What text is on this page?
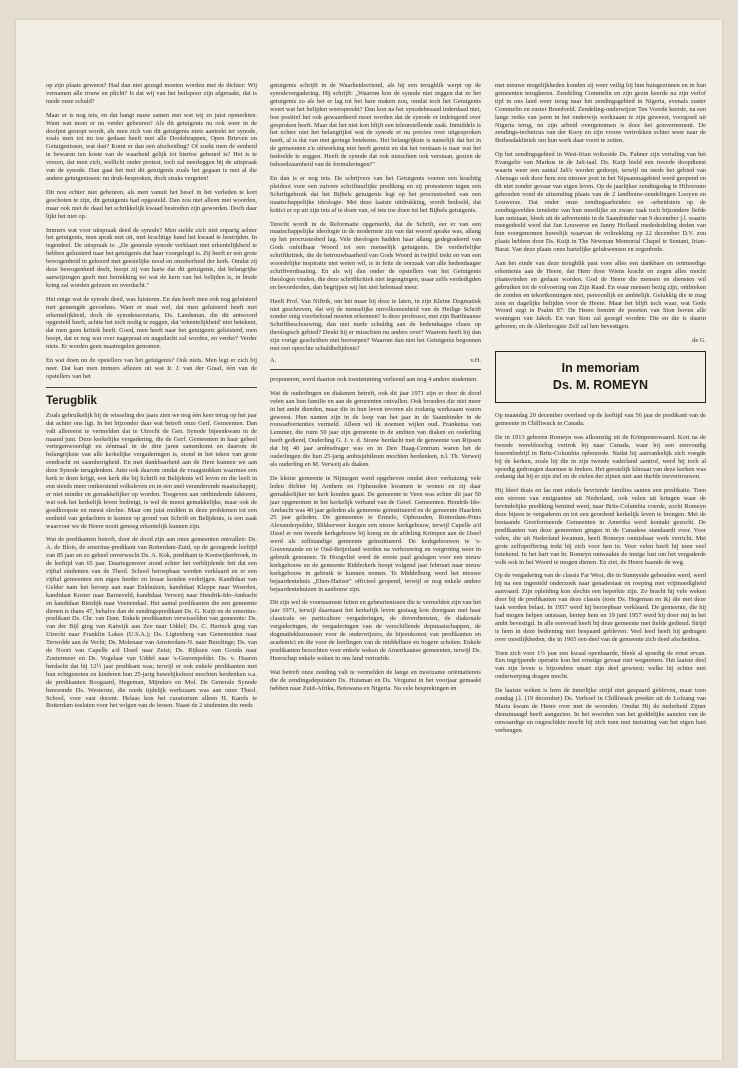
op zijn plaats geweest? Had dan niet gezegd moeten worden met de dichter: Wij vernamen alle trouw en plicht? Is dat wij van het heilspoor zijn afgeraakt, dat is mede onze schuld?

Maar er is nog iets, en dat hangt nauw samen met wat wij zo juist opmerkten. Want wat moet er nu verder gebeuren? Als dit getuigenis nu ook weer in de doofpot gestopt wordt, als men zich van dit getuigenis niets aantrekt ter synode, zoals men tot nu toe gedaan heeft met alle Doolsbrappen, Open Brieven en Getuigenissen, wat dan? Komt er dan een afscheiding? Of zoekt men de eenheid te bewaren ten koste van de waarheid gelijk tot hiertoe gebeurd is? Het is te vrezen, dat men zich, wellicht onder protest, toch zal neerleggen bij de uitspraak van de synode. Dan gaat het met dit getuigenis zoals het gegaan is met al die andere getuigenissen: nu druk-besproken, doch straks vergeten!

Dit nou echter niet gebeuren, als men vanuit het besef in het verleden te kort geschoten te zijn, dit getuigenis had opgesteld. Dan zou niet alleen met woorden, maar ook met de daad het schrikkelijk kwaad bestreden zijn geworden. Doch daar lijkt het niet op.

Immers wat voor uitspraak deed de synode? Men stelde zich niet enparig achter het getuigenis, men sprak niet uit, met krachtige hand het kwaad te bestrijden. In tegendeel. De uitspraak is: „De generale synode verklaart met erkentelijkheid te hebben geluisterd naar het getuigenis dat haar voorgelegd is. Zij heeft er een grote bewogenheid in gehoord met geestelijke nood en onzekerheid der kerk. Omdat zij deze bewogenheid deelt, hoopt zij van harte dat dit getuigenis, dat belangrijke aanwijzingen geeft met betrekking tot wat de kern van het belijden is, in brede kring zal worden gelezen en overdacht."

Het enige wat de synode deed, was luisteren. En dan heeft men ook nog geluisterd met gemengde gevoelens. Want er staat wel, dat men geluisterd heeft met erkentelijkheid, doch de synodesecretaris, Ds. Landsman, die dit antwoord opgesteld heeft, achtte het toch nodig te zeggen, dat 'erkentelijkheid' niet betekent, dat men geen kritiek heeft. Goed, men heeft naar het getuigenis geluisterd, men hoopt, dat er nog wat over nagepraat en nagedacht zal worden, en verder? Verder niets. Er worden geen maatregelen genomen.

En wat doen nu de opstellers van het getuigenis? Ook niets. Men legt er zich bij neer. Dat kan men immers aflezen uit wat Ir. J. van der Graaf, één van de opstellers van het

Terugblik

Zoals gebruikelijk bij de wisseling des jaars zien we nog één keer terug op het jaar dat achter ons ligt. In het bijzonder daar wat betreft onze Gerf. Gemeenten. Dan valt allereerst te vermelden dat te Utrecht de Gen. Synode bijeenkwam in de maand juni. Deze kerkelijke vergadering, die de Gerf. Gemeenten in haar geheel vertegenwoordigt en éénmaal in de drie jaren samenkomt en daarom de belangrijkste van alle kerkelijke vergaderingen is, stond in het teken van grote eendracht en saamhorigheid. En met dankbaarheid aan de Here kunnen we aan deze Synode terugdenken. Juist ook daarom omdat de vraagstukken waarmee een kerk te doen krijgt, een kerk die bij Schrift en Belijdenis wil leven en die leeft in een steeds meer ontkerstend volksleven en in een snel veranderende maatschappij, er niet minder en gemakkelijker op worden. Toegeven aan ontbindende faktoren, wat ook het kerkelijk leven bedreigt, is wel de meest gemakkelijke, maar ook de goedkoopste en meest slechte. Maar om juist midden in deze problemen tot een eenheid van gedachten te komen op grond van Schrift en Belijdenis, is een zaak waarvoor we de Heere nooit genoeg erkentelijk kunnen zijn.

Wat de predikanten betreft, door de dood zijn aan onze gemeenten ontvallen: Ds. A. de Blois, de emeritus-predikant van Rotterdam-Zuid, op de gezegende leeftijd van 85 jaar en zo geheel onverwacht Ds. A. Kok, predikant te Kootwijkerbroek, in de leeftijd van 65 jaar. Daartegenover stond echter het verblijdende feit dat een vijftal studenten van de Theol. School beroepbaar werden verklaard en er een vijftal gemeenten een eigen herder en leraar konden verkrijgen. Kandidaat van Gelder nam het beroep aan naar Enkhuizen, kandidaat Kleppe naar Woerden, kandidaat Koster naar Barneveld, kandidaat Verweij naar Hendrik-Ido-Ambacht en kandidaat Rietdijk naar Veenendaal. Het aantal predikanten die een gemeente dienen is thans 47, behalve dan de zendingspredikant Ds. G. Kuijt en de emeritus-predikant Ds. Chr. van Dam. Enkele predikanten verwisselden van gemeente: Ds. van der Bijl ging van Katwijk aan Zee naar Uddel; Ds. C. Harinck ging van Utrecht naar Franklin Lakes (U.S.A.); Ds. Ligtenberg van Genemuiden naar Terwolde aan de Vecht; Ds. Molenaar van Amsterdam-N. naar Bezelinge; Ds. van de Noort van Capelle a/d IJssel naar Zeist; Ds. Rijksen van Gouda naar Zoetermeer en Ds. Vogelaar van Uddel naar 's-Gravenpolder. Ds. v. Haaren herdacht dat hij 12½ jaar predikant was; terwijl er ook enkele predikanten met hun echtgenoten en kinderen hun 25-jarig huwelijksfeest mochten herdenken o.a. de predikanten Boogaard, Hegeman, Mijnders en Mol. De Generale Synode benoemde Ds. Westerste, die reeds tijdelijk werkzaam was aan onze Theol. School, voor vast docent. Helaas kon het curatorium alleen H. Karels te Rotterdam toelaten voor het volgen van de lessen. Naast de 2 studenten die reeds

getuigenis schrijft in de Waarheidsvriend, als hij een terugblik werpt op de synodevergadering. Hij schrijft: „Waarom kon de synode niet zeggen dat ze het getuigenis zo als het er lag tot het hare maken zou, omdat toch het Getuigenis weert wat het belijden weerspreekt? Dan kon na het synodebesaad inderdaad niet, hoe positief het ook gewaardeerd moet worden dat de synode er indringend over gesproken heeft. Maar dat het niet kon blijft een teleurstellende zaak. Inmiddels is het echter niet het belangrijkst wat de synode er nu precies over uitgesproken heeft, al is dat van niet geringe betekenis. Het belangrijkste is namelijk dat het in de gemeenten z'n uitwerking niet heeft gemist en dat het verstaan is naar wat het bedoelde te zeggen. Heeft de synode dat ook misschien ook verstaan, gezien de behoedzaamheid van de formuleringen?"

En dan is er nog iets. De schrijvers van het Getuigenis voeren een krachtig pleidooi voor een zuivere schriftuurlijke prediking en zij protesteren tegen een Schriftgebruik dat het Bijbels getuigenis legt op het procrustesbed van een maatschappelijke ideologie. Met deze laatste uitdrukking, wordt bedoeld, dat kritici er op uit zijn iets af te doen van, of iets toe doen tot het Bijbels getuigenis.

Terecht wordt in de Reformatie opgemerkt, dat de Schrift, eer er van een maatschappelijke ideologie in de modernste zin van dat woord sprake was, allang op het procrustesbed lag. Vele theologen hadden haar allang gedegradeerd van Gods onfeilbaar Woord tot een menselijk getuigenis. De verderfelijke schriftkritiek, die de betrouwbaarheid van Gods Woord in twijfel trekt en van een woordelijke inspiratie niet weten wil, is in feite de oorzaak van alle hedendaagse schriftverdraaiing. En als wij dan onder de opstellers van het Getuigenis theologen vinden, die deze schriftkritiek niet tegengingen, maar zelfs verdedigden en bevorderden, dan begrijpen wij het niet helemaal meer.

Heeft Prof. Van Niftrik, om het maar bij deze te laten, in zijn Kleine Dogmatiek niet geschreven, dat wij de menselijke onvolkomenheid van de Heilige Schrift zonder enig voorbehoud moeten erkennen? Is deze professor, met zijn Barthiaanse Schriftbeschouwing, dan niet mede schuldig aan de hedendaagse chaos op theologisch gebied? Denkt hij er misschien nu anders over? Waarom heeft hij dan zijn vorige geschriften niet herroepen? Waarom dan niet het Getuigenis begonnen met een oprechte schuldbelijdenis?

A.	v.H.

proponeren, werd daartoe ook toestemming verleend aan nog 4 andere studenten.

Wat de ouderlingen en diakenen betreft, ook dit jaar 1971 zijn er door de dood velen aan hun familie en aan de gemeenten ontvallen. Ook broeders die niet meer in het ambt dienden, maar die in hun leven tevoren als zodanig werkzaam waren geweest. Hun namen zijn in de loop van het jaar in de Saambinder in de rouwadvertenties vermeld. Alleen wil ik noemen wijlen oud. Frankema van Lemmer, die ruim 50 jaar zijn gemeente in de ambten van diaken en ouderling heeft gediend, Ouderling G. J. v. d. Stouw herdacht met de gemeente van Rijssen dat hij 40 jaar ambtsdrager was en in Den Haag-Centrum waren het de ouderlingen die hun 25-jarig ambtsjubileum mochten herdenken, n.l. Th. Verweij als ouderling en M. Verweij als diaken.

De kleine gemeente te Nijmegen werd opgeheven omdat door verhuizing vele leden dichter bij Arnhem en Opheusden kwamen te wonen en zij daar gemakkelijker ter kerk konden gaan. De gemeente te Veen was echter dit jaar 50 jaar opgenomen in het kerkelijk verband van de Geref. Gemeenten. Hendrik-Ido-Ambacht was 40 jaar geleden als gemeente geïnstitueerd en de gemeente Haarlem 25 jaar geleden. De gemeenten te Ermelo, Opheusden, Rotterdam-Prins Alexanderpolder, Slikkerveer kregen een nieuw kerkgebouw, terwijl Capelle a/d IJssel er een tweede kerkgebouw bij kreeg en de afdeling Krimpen aan de IJssel werd als zelfstandige gemeente geïnstitueerd. De kerkgebouwen te 's-Gravenzande en te Oud-Beijerland werden na verbouwing en vergroting weer in gebruik genomen. Te Hoogvliet werd de eerste paal geslagen voor een nieuw kerkgebouw en de gemeente Ridderkerk hoopt volgend jaar februari naar nieuw kerkgebouw in gebruik te kunnen nemen. Te Middelburg werd het nieuwe bejaardentehuis „Eben-Haëzer" officieel geopend, terwijl er nog enkele andere bejaardentehuizen in aanbouw zijn.

Dit zijn wel de voornaamste feiten en gebeurtenissen die te vermelden zijn van het jaar 1971, terwijl daarnaast het kerkelijk leven gestaag kon doorgaan met haar classicale en particuliere vergaderingen, de doverdiensten, de diakonale vergaderingen, de vergaderingen van de verschillende deputaatschappen, de dogmatiekkursussen voor de onderwijzers, de bijeenkomst van predikanten en academici en die voor de leerlingen van de middelbare en hogere scholen. Enkele predikanten bezochten voor enkele weken de Amerikaanse gemeenten, terwijl Ds. Heerschap enkele weken in ons land vertoefde.

Wat betreft onze zending valt te vermelden de lange en moeizame oriëntatiereis die de zendingsdeputaten Ds. Huisman en Ds. Vergunst in het voorjaar gemaakt hebben naar Zuid-Afrika, Botswana en Nigeria. Na vele besprekingen en

met nieuwe mogelijkheden konden zij weer veilig bij hun huisgezinnen en in hun gemeenten terugkeren. Zendeling Commelin en zijn gezin keerde na zijn verlof tijd in ons land weer terug naar het zendingsgebied in Nigeria, evenals zuster Commelin en zuster Breedveld. Zendeling-onderwijzer Ten Voorde keerde, na een lange reeks van jaren in het onderwijs werkzaam te zijn geweest, voorgoed uit Nigeria terug, nu zijn arbeid overgenomen is door het gouvernement. De zendings-technicus van der Kooy en zijn vrouw vertrokken echter weer naar de Bethesdakliniek om hun werk daar voort te zetten.

Op het zendingsgebied in West-Irian voltooide Ds. Fahner zijn vertaling van het Evangelie van Markus in de Jali-taal. Ds. Kuijt hield een tweede doopdienst waarin weer een aantal Jali's werden gedoopt, terwijl nu reeds het gebied van Abenago ook door hem een nieuwe post in het Nipsanmagebied werd geopend en dit niet zonder gevaar van eigen leven. Op de jaarlijkse zendingsdag te Hilversum gehouden vond de uitzending plaats van de 2 landbouw-zendelingen Looyen en Louwerse. Dat onder onze zendingsarbeiders en -arbeidsters op de zendingsvelden tenslotte van hun moeilijke en zware taak toch bijzondere liefde kan ontstaan, bleek uit de advertentie in de Saambinder van 9 december j.l. waarin meegedeeld werd dat Jan Louwerse en Janny Hofland medededeling deden van hun voorgenomen huwelijk waarvan de voltrekking op 22 december D.V. zou plaats hebben door Ds. Kuijt in The Newman Memorial Chapel te Sentani, Irian-Barat. Van deze plaats onze hartelijke gelukwensen en zegenbede.

Aan het einde van deze terugblik past voor alles een dankbare en ootmoedige erkentenis aan de Heere, dat Hem door Wiens kracht en zegen alles mocht plaatsvinden en gedaan worden. God de Heere die mensen en diensten wil gebruiken tot de volvoering van Zijn Raad. En waar mensen bezig zijn, ontbreken de zonden en tekortkomingen niet, persoonlijk en ambtelijk. Gelukkig die te mag zien en dagelijks belijden voor de Heere. Maar het blijft toch waar, wat Gods Woord zegt in Psalm 87: De Heere bemint de poorten van Sion boven alle woningen van Jakob. En van Sion zal gezegd worden: Die en die is daarin geboren; en de Allerhoogste Zelf zal hen bevestigen.

de G.

In memoriam
Ds. M. ROMEYN

Op maandag 20 december overleed op de leeftijd van 56 jaar de predikant van de gemeente in Chilliwack in Canada.

De in 1913 geboren Romeyn was afkomstig uit de Krimpenerwaard. Kort na de tweede wereldoorlog vertrok hij naar Canada, waar hij een eenvoudig boerenbedrijf in Brits-Columbia opbouwde. Nadat hij aanvankelijk zich voegde bij de kerken, zoals hij die in zijn tweede vaderland aantrof, werd hij toch al spoedig gedrongen daarmee te breken. Het geestelijk klimaat van deze kerken was zodanig dat hij er zijn ziel en de zielen der zijnen niet aan durfde toevertrouwen.

Hij bleef thuis en las met enkele bevriende families samen een predikatie. Toen een stroom van emigranten uit Nederland, ook velen uit kringen waar de bevindelijke prediking bemind werd, naar Brits-Columbia voerde, zocht Romeyn deze bijeen te vergaderen en tot een geordend kerkelijk leven te brengen. Met de bestaande Gereformeerde Gemeenten in Amerika werd kontakt gezocht. De predikanten van deze gemeenten gingen in de Canadese standaardt voor. Voor velen, die uit Nederland kwamen, heeft Romeyn onmisbaar werk verricht. Met grote zelfopoffering trekt hij zich voor hen in. Voor velen heeft hij toen veel betekend. In het hart van br. Romeyn ontwaakte de innige lust om het vergaderde volk ook in het Woord te mogen dienen. En ziet, de Heere baande de weg.

Op de vergadering van de classis Far West, die in Sunnyside gehouden werd, werd hij na een ingesteld onderzoek naar genadestaat en roeping met vrijmoedigheid aanvaard. Zijn opleiding kon slechts een beperkte zijn. Zo bracht hij vele weken door bij de predikanten van deze classis (toen Ds. Hegeman en ik) die met deze taak werden belast. In 1957 werd hij beroepbaar verklaard. De gemeente, die hij had mogen helpen ontstaan, beriep hem en 19 juni 1957 werd hij door mij in het ambt bevestigd. In alle eenvoud heeft hij deze gemeente met liefde gediend. Strijd is hem in deze bediening niet bespaard gebleven. Veel leed heeft hij gedragen over moeilijkheden, die in 1965 een deel van de gemeente zich deed afscheiden.

Toen zich voor 1½ jaar een kwaal openbaarde, bleek al spoedig de ernst ervan. Een ingrijpende operatie kon het ernstige gevaar niet wegnemen. Het laatste deel van zijn leven is bijzondere smart zijn deel geweest; welke hij echter met onderwerping dragen mocht.

De laatste weken is hem de innerlijke strijd niet gespaard gebleven, maar toen zondag j.l. (19 december) Ds. Verhoef in Chilliwack preekte uit de Lofzang van Maria kwam de Heere over met de woorden: Omdat Hij de nederheid Zijner dienstmaagd heeft aangezien. In het woorden van het goddelijke aanzien van de onwaardige en ongeschikte mocht hij zich toen met instuiting van het eigen hart verheugen.
